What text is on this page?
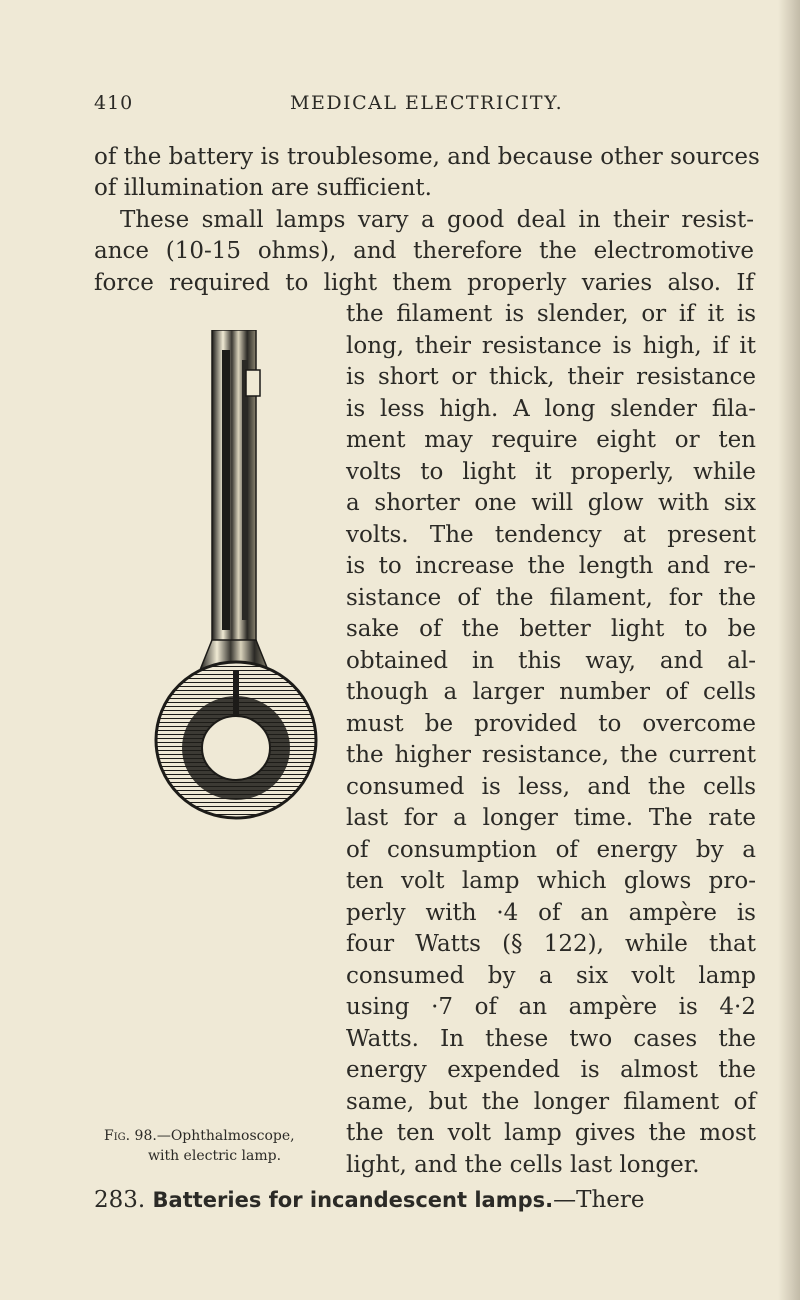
410	MEDICAL ELECTRICITY.
of the battery is troublesome, and because other sources
of illumination are sufficient.
These small lamps vary a good deal in their resist-
ance (10-15 ohms), and therefore the electromotive
force required to light them properly varies also. If
the filament is slender, or if it is
long, their resistance is high, if it
is short or thick, their resistance
is less high. A long slender fila-
ment may require eight or ten
volts to light it properly, while
a shorter one will glow with six
volts. The tendency at present
is to increase the length and re-
sistance of the filament, for the
sake of the better light to be
obtained in this way, and al-
though a larger number of cells
must be provided to overcome
the higher resistance, the current
consumed is less, and the cells
last for a longer time. The rate
of consumption of energy by a
ten volt lamp which glows pro-
perly with ·4 of an ampère is
four Watts (§ 122), while that
consumed by a six volt lamp
using ·7 of an ampère is 4·2
Watts. In these two cases the
energy expended is almost the
same, but the longer filament of
the ten volt lamp gives the most
light, and the cells last longer.
Fig. 98.—Ophthalmoscope,
with electric lamp.
283. Batteries for incandescent lamps.—There
